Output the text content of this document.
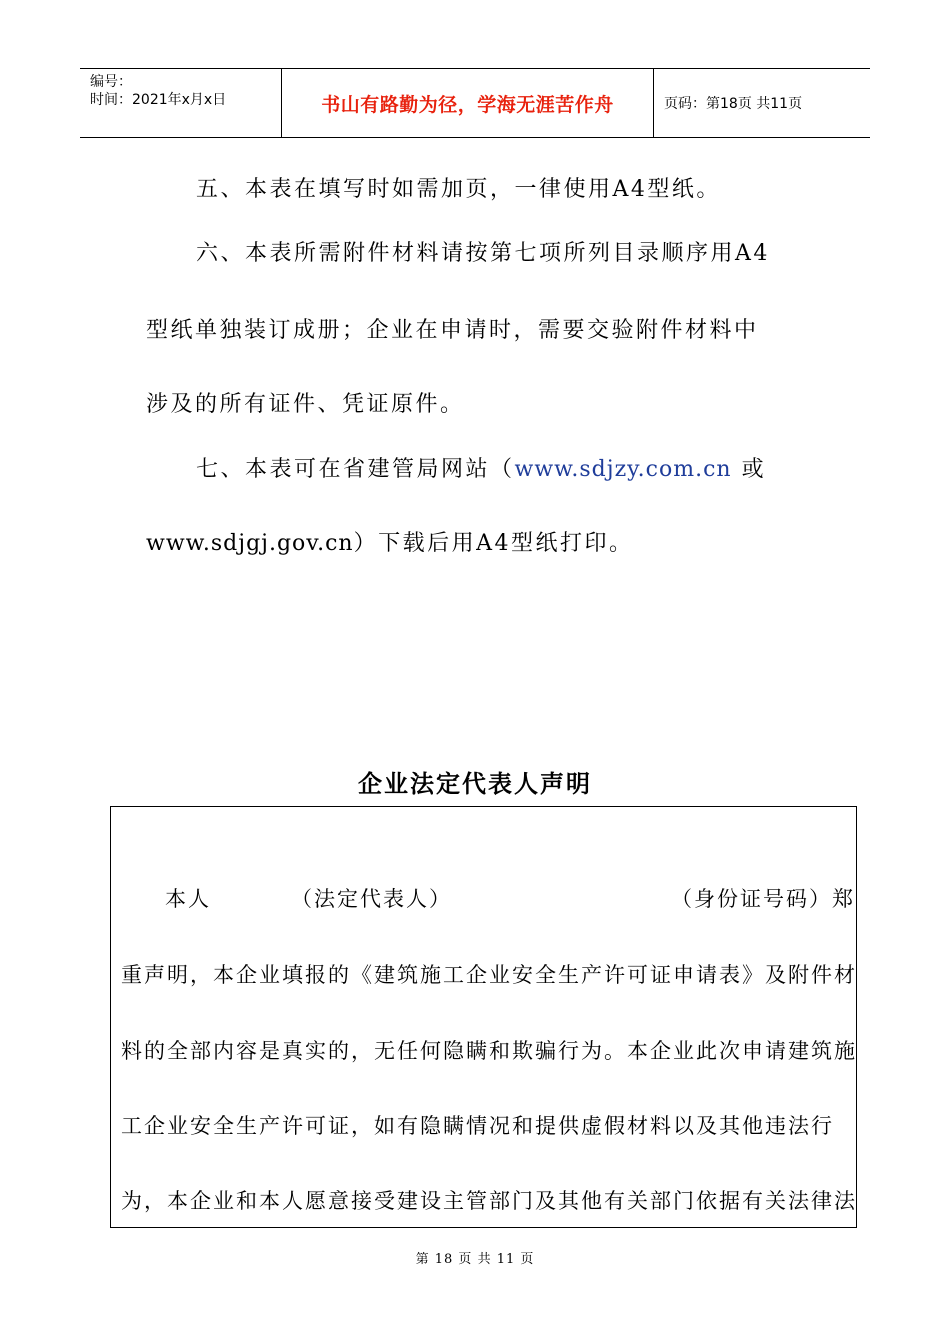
编号：
时间：2021年x月x日	书山有路勤为径，学海无涯苦作舟	页码：第18页 共11页
五、本表在填写时如需加页，一律使用A4型纸。
六、本表所需附件材料请按第七项所列目录顺序用A4
型纸单独装订成册；企业在申请时，需要交验附件材料中
涉及的所有证件、凭证原件。
七、本表可在省建管局网站（www.sdjzy.com.cn 或
www.sdjgj.gov.cn）下载后用A4型纸打印。
企业法定代表人声明
本人	（法定代表人）	（身份证号码）郑
重声明，本企业填报的《建筑施工企业安全生产许可证申请表》及附件材
料的全部内容是真实的，无任何隐瞒和欺骗行为。本企业此次申请建筑施
工企业安全生产许可证，如有隐瞒情况和提供虚假材料以及其他违法行
为，本企业和本人愿意接受建设主管部门及其他有关部门依据有关法律法
第 18 页 共 11 页
